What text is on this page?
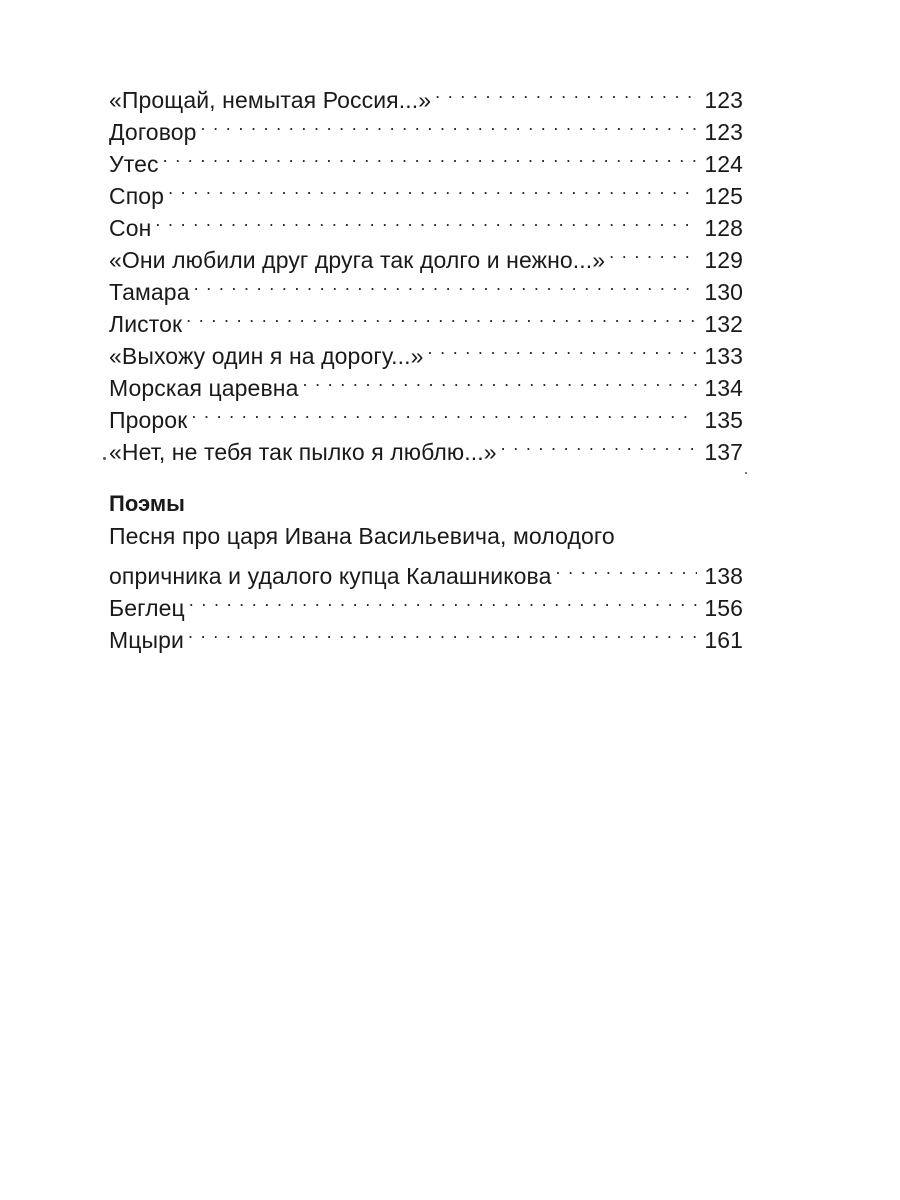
«Прощай, немытая Россия...» . . .	123
Договор . . .	123
Утес . . .	124
Спор . . .	125
Сон . . .	128
«Они любили друг друга так долго и нежно...» . . .	129
Тамара . . .	130
Листок . . .	132
«Выхожу один я на дорогу...» . . .	133
Морская царевна . . .	134
Пророк . . .	135
«Нет, не тебя так пылко я люблю...» . . .	137
Поэмы
Песня про царя Ивана Васильевича, молодого
опричника и удалого купца Калашникова . . .	138
Беглец . . .	156
Мцыри . . .	161
